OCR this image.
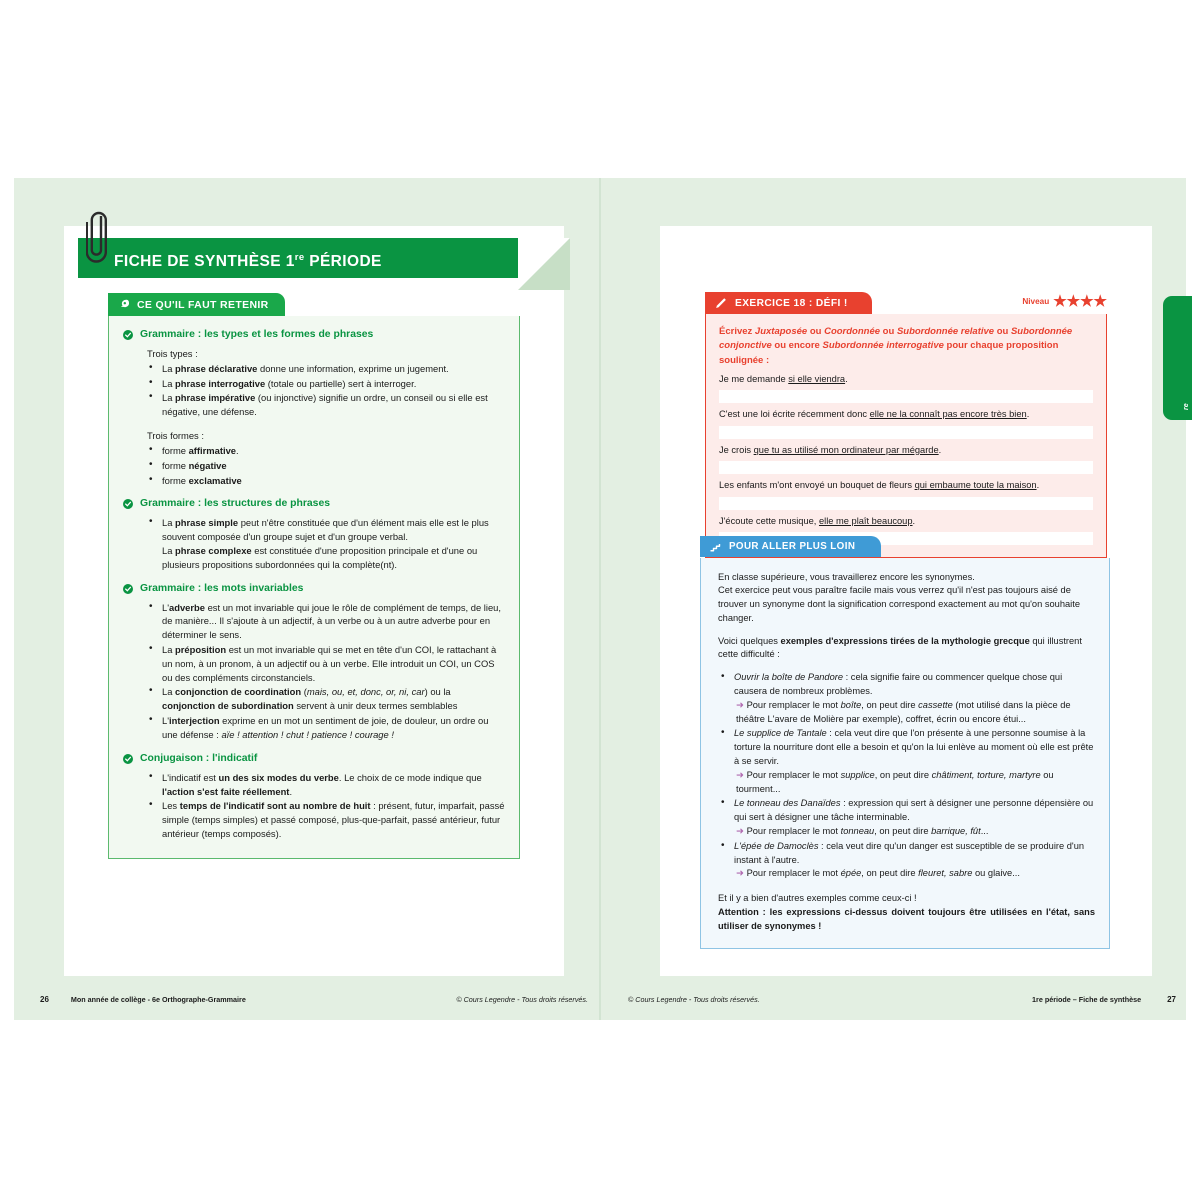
FICHE DE SYNTHÈSE 1re PÉRIODE
CE QU'IL FAUT RETENIR
Grammaire : les types et les formes de phrases
Trois types :
• La phrase déclarative donne une information, exprime un jugement.
• La phrase interrogative (totale ou partielle) sert à interroger.
• La phrase impérative (ou injonctive) signifie un ordre, un conseil ou si elle est négative, une défense.
Trois formes :
• forme affirmative.
• forme négative
• forme exclamative
Grammaire : les structures de phrases
• La phrase simple peut n'être constituée que d'un élément mais elle est le plus souvent composée d'un groupe sujet et d'un groupe verbal.
La phrase complexe est constituée d'une proposition principale et d'une ou plusieurs propositions subordonnées qui la complète(nt).
Grammaire : les mots invariables
• L'adverbe est un mot invariable qui joue le rôle de complément de temps, de lieu, de manière... Il s'ajoute à un adjectif, à un verbe ou à un autre adverbe pour en déterminer le sens.
• La préposition est un mot invariable qui se met en tête d'un COI, le rattachant à un nom, à un pronom, à un adjectif ou à un verbe. Elle introduit un COI, un COS ou des compléments circonstanciels.
• La conjonction de coordination (mais, ou, et, donc, or, ni, car) ou la conjonction de subordination servent à unir deux termes semblables
• L'interjection exprime en un mot un sentiment de joie, de douleur, un ordre ou une défense : aïe ! attention ! chut ! patience ! courage !
Conjugaison : l'indicatif
• L'indicatif est un des six modes du verbe. Le choix de ce mode indique que l'action s'est faite réellement.
• Les temps de l'indicatif sont au nombre de huit : présent, futur, imparfait, passé simple (temps simples) et passé composé, plus-que-parfait, passé antérieur, futur antérieur (temps composés).
EXERCICE 18 : DÉFI !	Niveau ★★★★
Écrivez Juxtaposée ou Coordonnée ou Subordonnée relative ou Subordonnée conjonctive ou encore Subordonnée interrogative pour chaque proposition soulignée :
Je me demande si elle viendra.
C'est une loi écrite récemment donc elle ne la connaît pas encore très bien.
Je crois que tu as utilisé mon ordinateur par mégarde.
Les enfants m'ont envoyé un bouquet de fleurs qui embaume toute la maison.
J'écoute cette musique, elle me plaît beaucoup.
POUR ALLER PLUS LOIN
En classe supérieure, vous travaillerez encore les synonymes.
Cet exercice peut vous paraître facile mais vous verrez qu'il n'est pas toujours aisé de trouver un synonyme dont la signification correspond exactement au mot qu'on souhaite changer.
Voici quelques exemples d'expressions tirées de la mythologie grecque qui illustrent cette difficulté :
• Ouvrir la boîte de Pandore : cela signifie faire ou commencer quelque chose qui causera de nombreux problèmes.
➜ Pour remplacer le mot boîte, on peut dire cassette (mot utilisé dans la pièce de théâtre L'avare de Molière par exemple), coffret, écrin ou encore étui...
• Le supplice de Tantale : cela veut dire que l'on présente à une personne soumise à la torture la nourriture dont elle a besoin et qu'on la lui enlève au moment où elle est prête à se servir.
➜ Pour remplacer le mot supplice, on peut dire châtiment, torture, martyre ou tourment...
• Le tonneau des Danaïdes : expression qui sert à désigner une personne dépensière ou qui sert à désigner une tâche interminable.
➜ Pour remplacer le mot tonneau, on peut dire barrique, fût...
• L'épée de Damoclès : cela veut dire qu'un danger est susceptible de se produire d'un instant à l'autre.
➜ Pour remplacer le mot épée, on peut dire fleuret, sabre ou glaive...
Et il y a bien d'autres exemples comme ceux-ci !
Attention : les expressions ci-dessus doivent toujours être utilisées en l'état, sans utiliser de synonymes !
$^{re}$
26	Mon année de collège - 6e Orthographe-Grammaire	© Cours Legendre - Tous droits réservés.	© Cours Legendre - Tous droits réservés.	1re période – Fiche de synthèse	27
